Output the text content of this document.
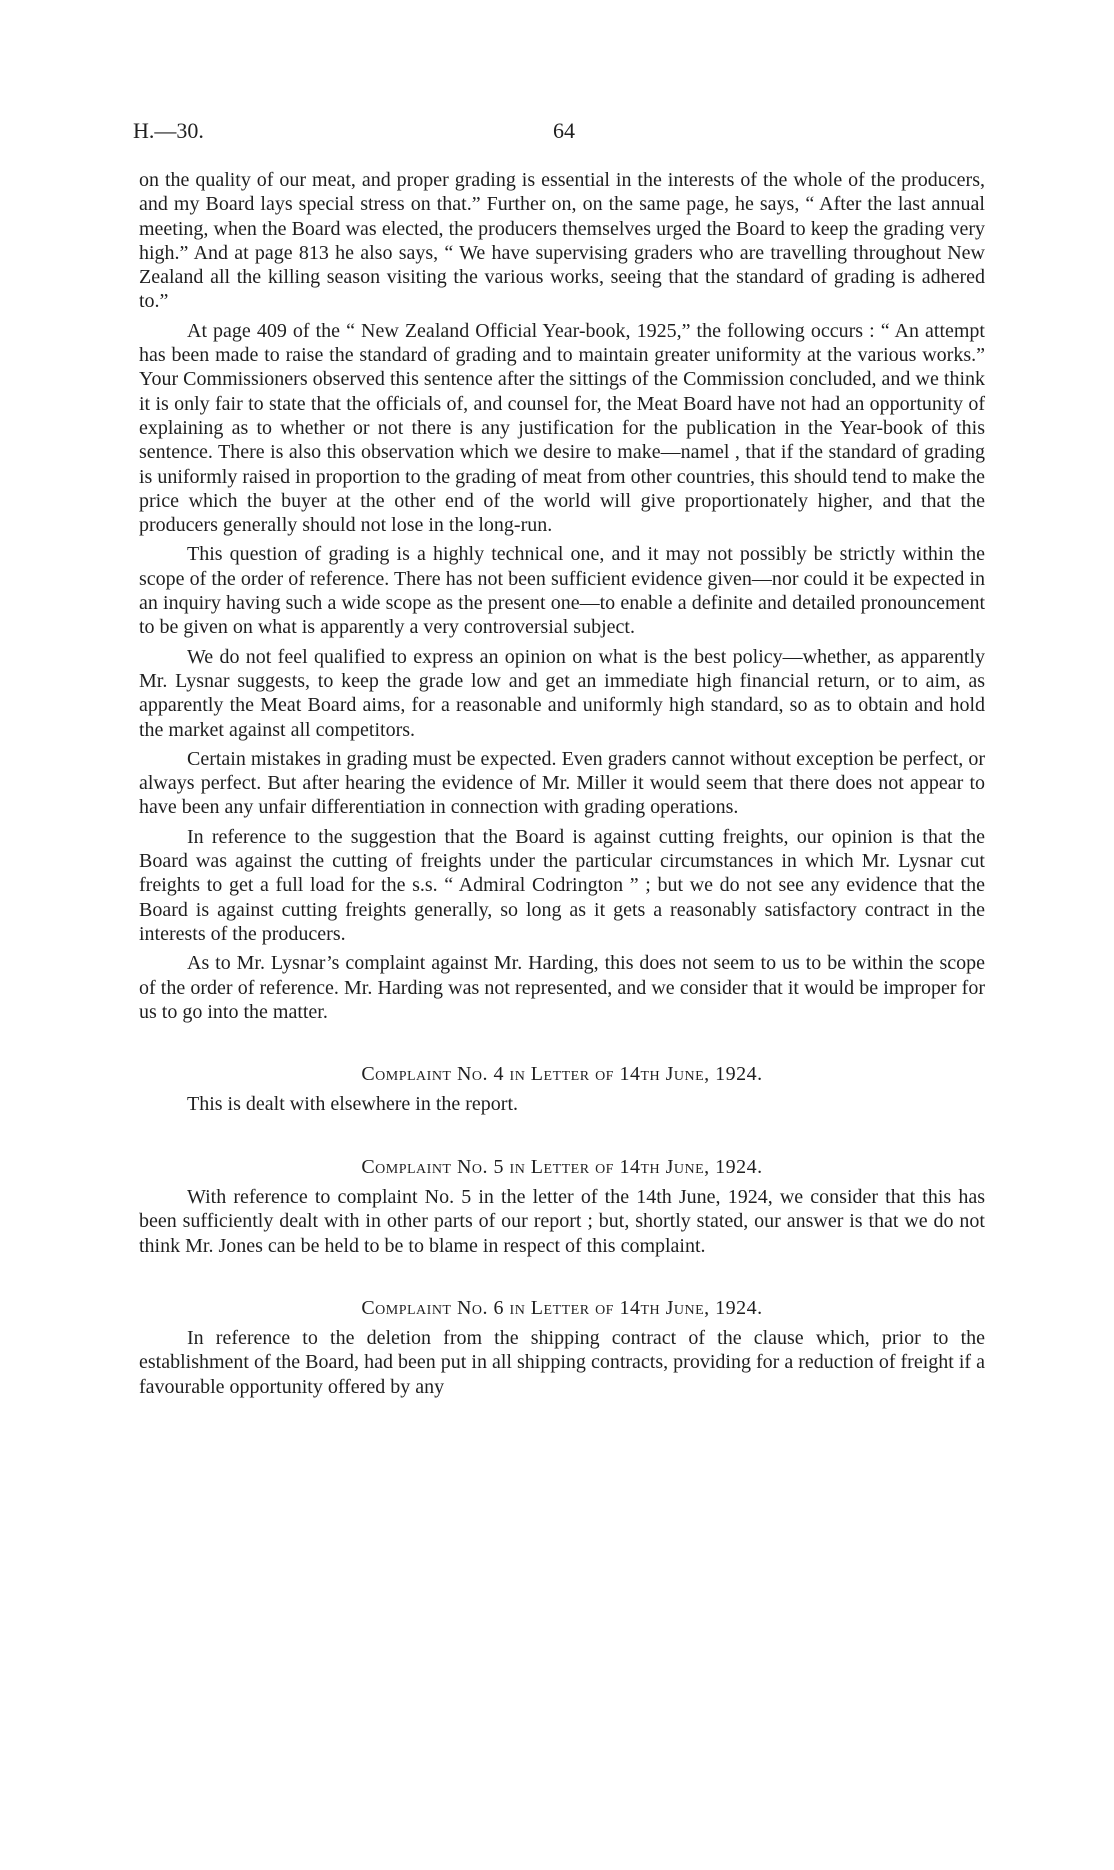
H.—30.	64

on the quality of our meat, and proper grading is essential in the interests of the whole of the producers, and my Board lays special stress on that.” Further on, on the same page, he says, “ After the last annual meeting, when the Board was elected, the producers themselves urged the Board to keep the grading very high.” And at page 813 he also says, “ We have supervising graders who are travelling throughout New Zealand all the killing season visiting the various works, seeing that the standard of grading is adhered to.”

At page 409 of the “ New Zealand Official Year-book, 1925,” the following occurs : “ An attempt has been made to raise the standard of grading and to maintain greater uniformity at the various works.” Your Commissioners observed this sentence after the sittings of the Commission concluded, and we think it is only fair to state that the officials of, and counsel for, the Meat Board have not had an opportunity of explaining as to whether or not there is any justification for the publication in the Year-book of this sentence. There is also this observation which we desire to make—namel , that if the standard of grading is uniformly raised in proportion to the grading of meat from other countries, this should tend to make the price which the buyer at the other end of the world will give proportionately higher, and that the producers generally should not lose in the long-run.

This question of grading is a highly technical one, and it may not possibly be strictly within the scope of the order of reference. There has not been sufficient evidence given—nor could it be expected in an inquiry having such a wide scope as the present one—to enable a definite and detailed pronouncement to be given on what is apparently a very controversial subject.

We do not feel qualified to express an opinion on what is the best policy—whether, as apparently Mr. Lysnar suggests, to keep the grade low and get an immediate high financial return, or to aim, as apparently the Meat Board aims, for a reasonable and uniformly high standard, so as to obtain and hold the market against all competitors.

Certain mistakes in grading must be expected. Even graders cannot without exception be perfect, or always perfect. But after hearing the evidence of Mr. Miller it would seem that there does not appear to have been any unfair differentiation in connection with grading operations.

In reference to the suggestion that the Board is against cutting freights, our opinion is that the Board was against the cutting of freights under the particular circumstances in which Mr. Lysnar cut freights to get a full load for the s.s. “ Admiral Codrington ” ; but we do not see any evidence that the Board is against cutting freights generally, so long as it gets a reasonably satisfactory contract in the interests of the producers.

As to Mr. Lysnar’s complaint against Mr. Harding, this does not seem to us to be within the scope of the order of reference. Mr. Harding was not represented, and we consider that it would be improper for us to go into the matter.

Complaint No. 4 in Letter of 14th June, 1924.

This is dealt with elsewhere in the report.

Complaint No. 5 in Letter of 14th June, 1924.

With reference to complaint No. 5 in the letter of the 14th June, 1924, we consider that this has been sufficiently dealt with in other parts of our report ; but, shortly stated, our answer is that we do not think Mr. Jones can be held to be to blame in respect of this complaint.

Complaint No. 6 in Letter of 14th June, 1924.

In reference to the deletion from the shipping contract of the clause which, prior to the establishment of the Board, had been put in all shipping contracts, providing for a reduction of freight if a favourable opportunity offered by any
